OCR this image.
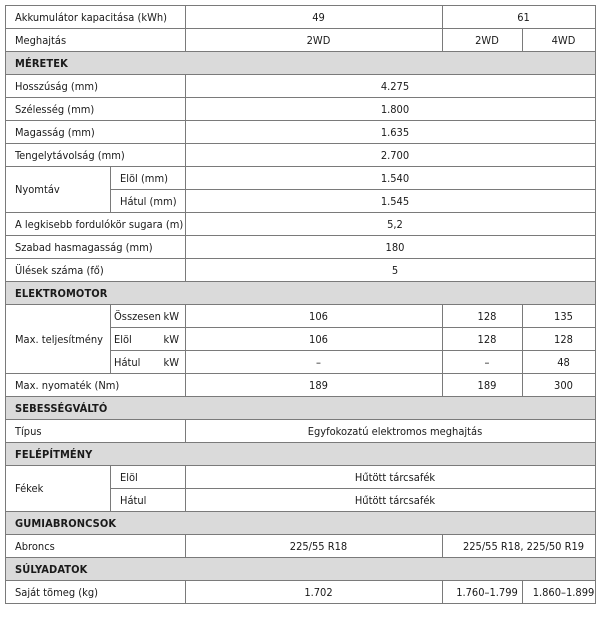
Akkumulátor kapacitása (kWh)		49	61	
Meghajtás		2WD	2WD	4WD
MÉRETEK				
Hosszúság (mm)		4.275		
Szélesség (mm)		1.800		
Magasság (mm)		1.635		
Tengelytávolság (mm)		2.700		
Nyomtáv	Elöl (mm)	1.540		
	Hátul (mm)	1.545		
A legkisebb fordulókör sugara (m)		5,2		
Szabad hasmagasság (mm)		180		
Ülések száma (fő)		5		
ELEKTROMOTOR				
Max. teljesítmény	Összesen kW	106	128	135

	Elöl kW	106	128	128

	Hátul kW	–	–	48
Max. nyomaték (Nm)		189	189	300
SEBESSÉGVÁLTÓ				
Típus		Egyfokozatú elektromos meghajtás		
FELÉPÍTMÉNY				
Fékek	Elöl	Hűtött tárcsafék		
	Hátul	Hűtött tárcsafék		
GUMIABRONCSOK				
Abroncs		225/55 R18	225/55 R18, 225/50 R19	
SÚLYADATOK				
Saját tömeg (kg)		1.702	1.760–1.799	1.860–1.899
